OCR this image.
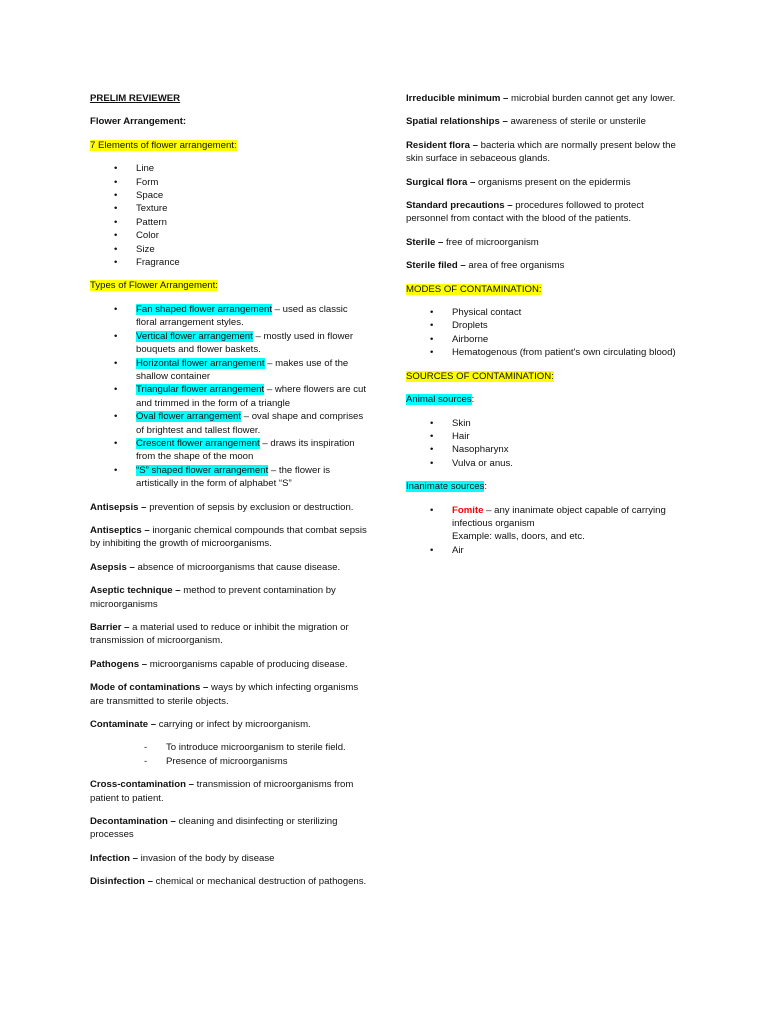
PRELIM REVIEWER

Flower Arrangement:

7 Elements of flower arrangement:

• Line
• Form
• Space
• Texture
• Pattern
• Color
• Size
• Fragrance

Types of Flower Arrangement:

• Fan shaped flower arrangement – used as classic floral arrangement styles.
• Vertical flower arrangement – mostly used in flower bouquets and flower baskets.
• Horizontal flower arrangement – makes use of the shallow container
• Triangular flower arrangement – where flowers are cut and trimmed in the form of a triangle
• Oval flower arrangement – oval shape and comprises of brightest and tallest flower.
• Crescent flower arrangement – draws its inspiration from the shape of the moon
• “S” shaped flower arrangement – the flower is artistically in the form of alphabet “S”

Antisepsis – prevention of sepsis by exclusion or destruction.

Antiseptics – inorganic chemical compounds that combat sepsis by inhibiting the growth of microorganisms.

Asepsis – absence of microorganisms that cause disease.

Aseptic technique – method to prevent contamination by microorganisms

Barrier – a material used to reduce or inhibit the migration or transmission of microorganism.

Pathogens – microorganisms capable of producing disease.

Mode of contaminations – ways by which infecting organisms are transmitted to sterile objects.

Contaminate – carrying or infect by microorganism.

- To introduce microorganism to sterile field.
- Presence of microorganisms

Cross-contamination – transmission of microorganisms from patient to patient.

Decontamination – cleaning and disinfecting or sterilizing processes

Infection – invasion of the body by disease

Disinfection – chemical or mechanical destruction of pathogens.

Irreducible minimum – microbial burden cannot get any lower.

Spatial relationships – awareness of sterile or unsterile

Resident flora – bacteria which are normally present below the skin surface in sebaceous glands.

Surgical flora – organisms present on the epidermis

Standard precautions – procedures followed to protect personnel from contact with the blood of the patients.

Sterile – free of microorganism

Sterile filed – area of free organisms

MODES OF CONTAMINATION:

• Physical contact
• Droplets
• Airborne
• Hematogenous (from patient's own circulating blood)

SOURCES OF CONTAMINATION:

Animal sources:

• Skin
• Hair
• Nasopharynx
• Vulva or anus.

Inanimate sources:

• Fomite – any inanimate object capable of carrying infectious organism
Example: walls, doors, and etc.
• Air
